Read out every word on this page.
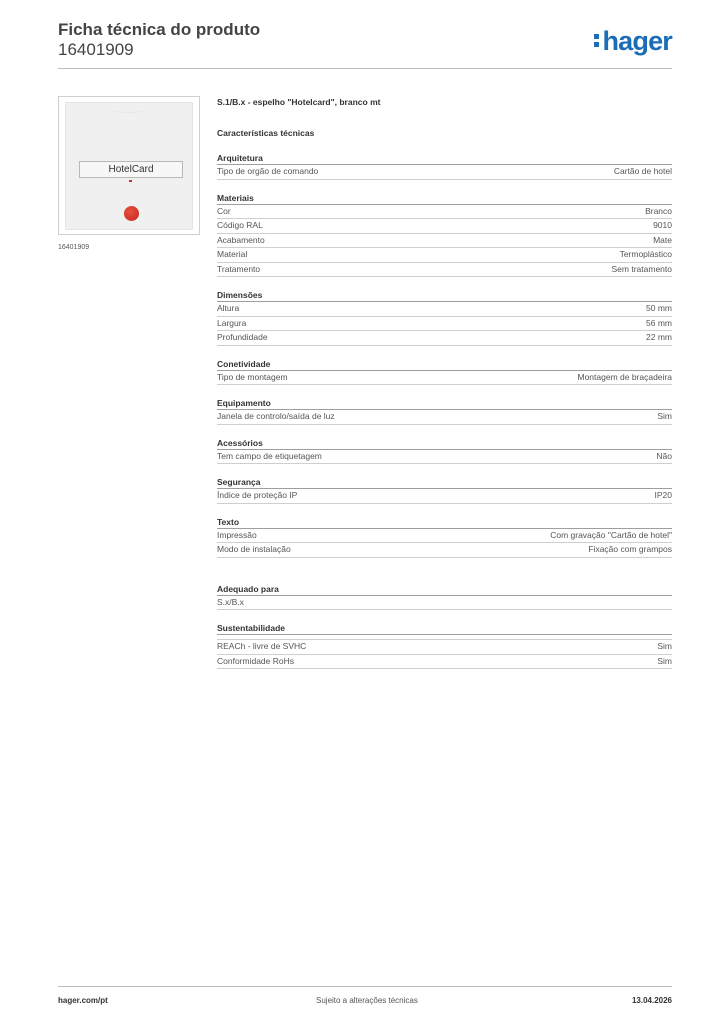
Ficha técnica do produto
16401909	hager
HotelCard
16401909
S.1/B.x - espelho "Hotelcard", branco mt
Características técnicas
Arquitetura
Tipo de orgão de comando	Cartão de hotel
Materiais
Cor	Branco
Código RAL	9010
Acabamento	Mate
Material	Termoplástico
Tratamento	Sem tratamento
Dimensões
Altura	50 mm
Largura	56 mm
Profundidade	22 mm
Conetividade
Tipo de montagem	Montagem de braçadeira
Equipamento
Janela de controlo/saída de luz	Sim
Acessórios
Tem campo de etiquetagem	Não
Segurança
Índice de proteção IP	IP20
Texto
Impressão	Com gravação "Cartão de hotel"
Modo de instalação	Fixação com grampos
Adequado para
S.x/B.x
Sustentabilidade
REACh - livre de SVHC	Sim
Conformidade RoHs	Sim
hager.com/pt	Sujeito a alterações técnicas	13.04.2026
